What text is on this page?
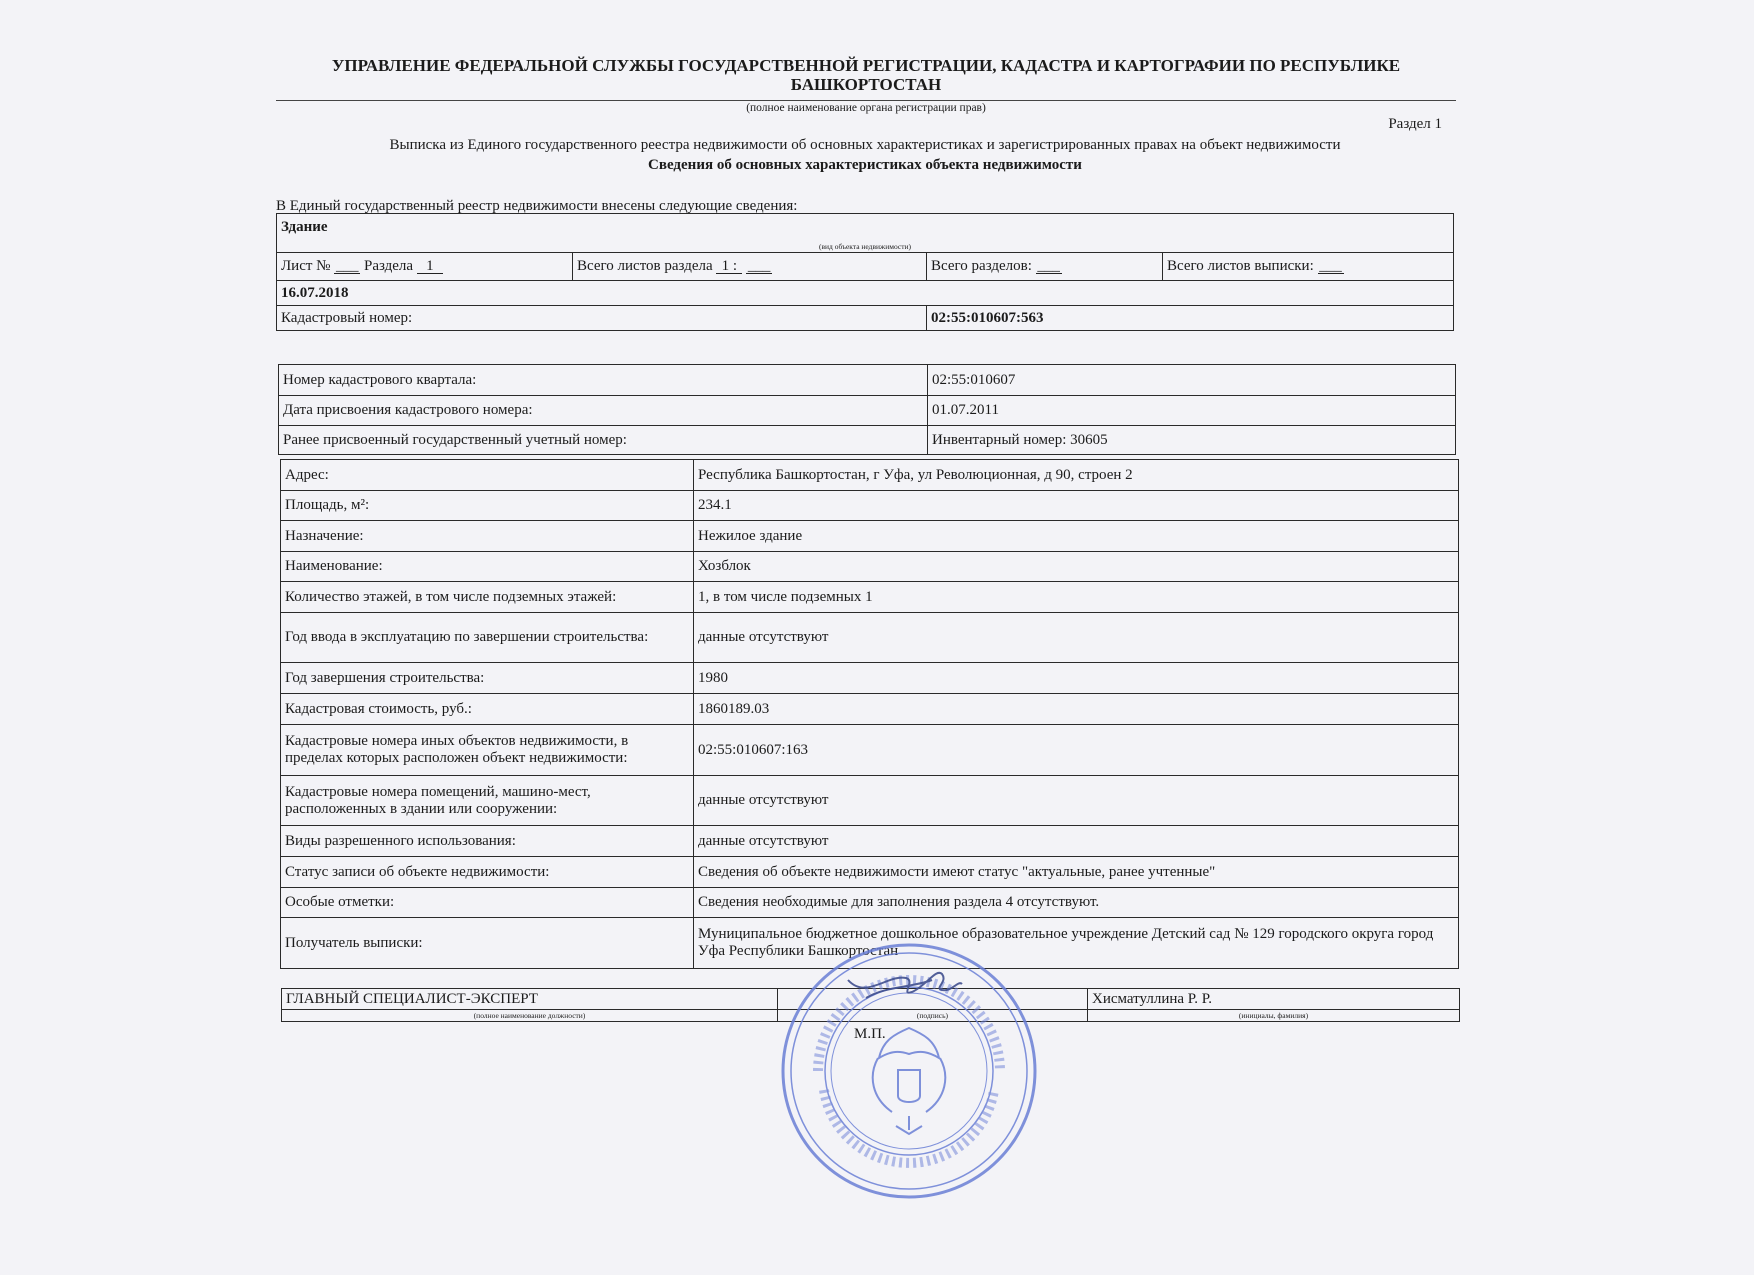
УПРАВЛЕНИЕ ФЕДЕРАЛЬНОЙ СЛУЖБЫ ГОСУДАРСТВЕННОЙ РЕГИСТРАЦИИ, КАДАСТРА И КАРТОГРАФИИ ПО РЕСПУБЛИКЕ БАШКОРТОСТАН
(полное наименование органа регистрации прав)
Раздел 1
Выписка из Единого государственного реестра недвижимости об основных характеристиках и зарегистрированных правах на объект недвижимости
Сведения об основных характеристиках объекта недвижимости
В Единый государственный реестр недвижимости внесены следующие сведения:
Здание			
(вид объекта недвижимости)			
Лист № ___ Раздела 1	Всего листов раздела 1 : ___	Всего разделов: ___	Всего листов выписки: ___
16.07.2018			
Кадастровый номер:		02:55:010607:563	
Номер кадастрового квартала:	02:55:010607
Дата присвоения кадастрового номера:	01.07.2011
Ранее присвоенный государственный учетный номер:	Инвентарный номер: 30605
Адрес:	Республика Башкортостан, г Уфа, ул Революционная, д 90, строен 2
Площадь, м²:	234.1
Назначение:	Нежилое здание
Наименование:	Хозблок
Количество этажей, в том числе подземных этажей:	1, в том числе подземных 1
Год ввода в эксплуатацию по завершении строительства:	данные отсутствуют
Год завершения строительства:	1980
Кадастровая стоимость, руб.:	1860189.03
Кадастровые номера иных объектов недвижимости, в пределах которых расположен объект недвижимости:	02:55:010607:163
Кадастровые номера помещений, машино-мест, расположенных в здании или сооружении:	данные отсутствуют
Виды разрешенного использования:	данные отсутствуют
Статус записи об объекте недвижимости:	Сведения об объекте недвижимости имеют статус "актуальные, ранее учтенные"
Особые отметки:	Сведения необходимые для заполнения раздела 4 отсутствуют.
Получатель выписки:	Муниципальное бюджетное дошкольное образовательное учреждение Детский сад № 129 городского округа город Уфа Республики Башкортостан
ГЛАВНЫЙ СПЕЦИАЛИСТ-ЭКСПЕРТ		Хисматуллина Р. Р.
(полное наименование должности)	(подпись)	(инициалы, фамилия)
М.П.
